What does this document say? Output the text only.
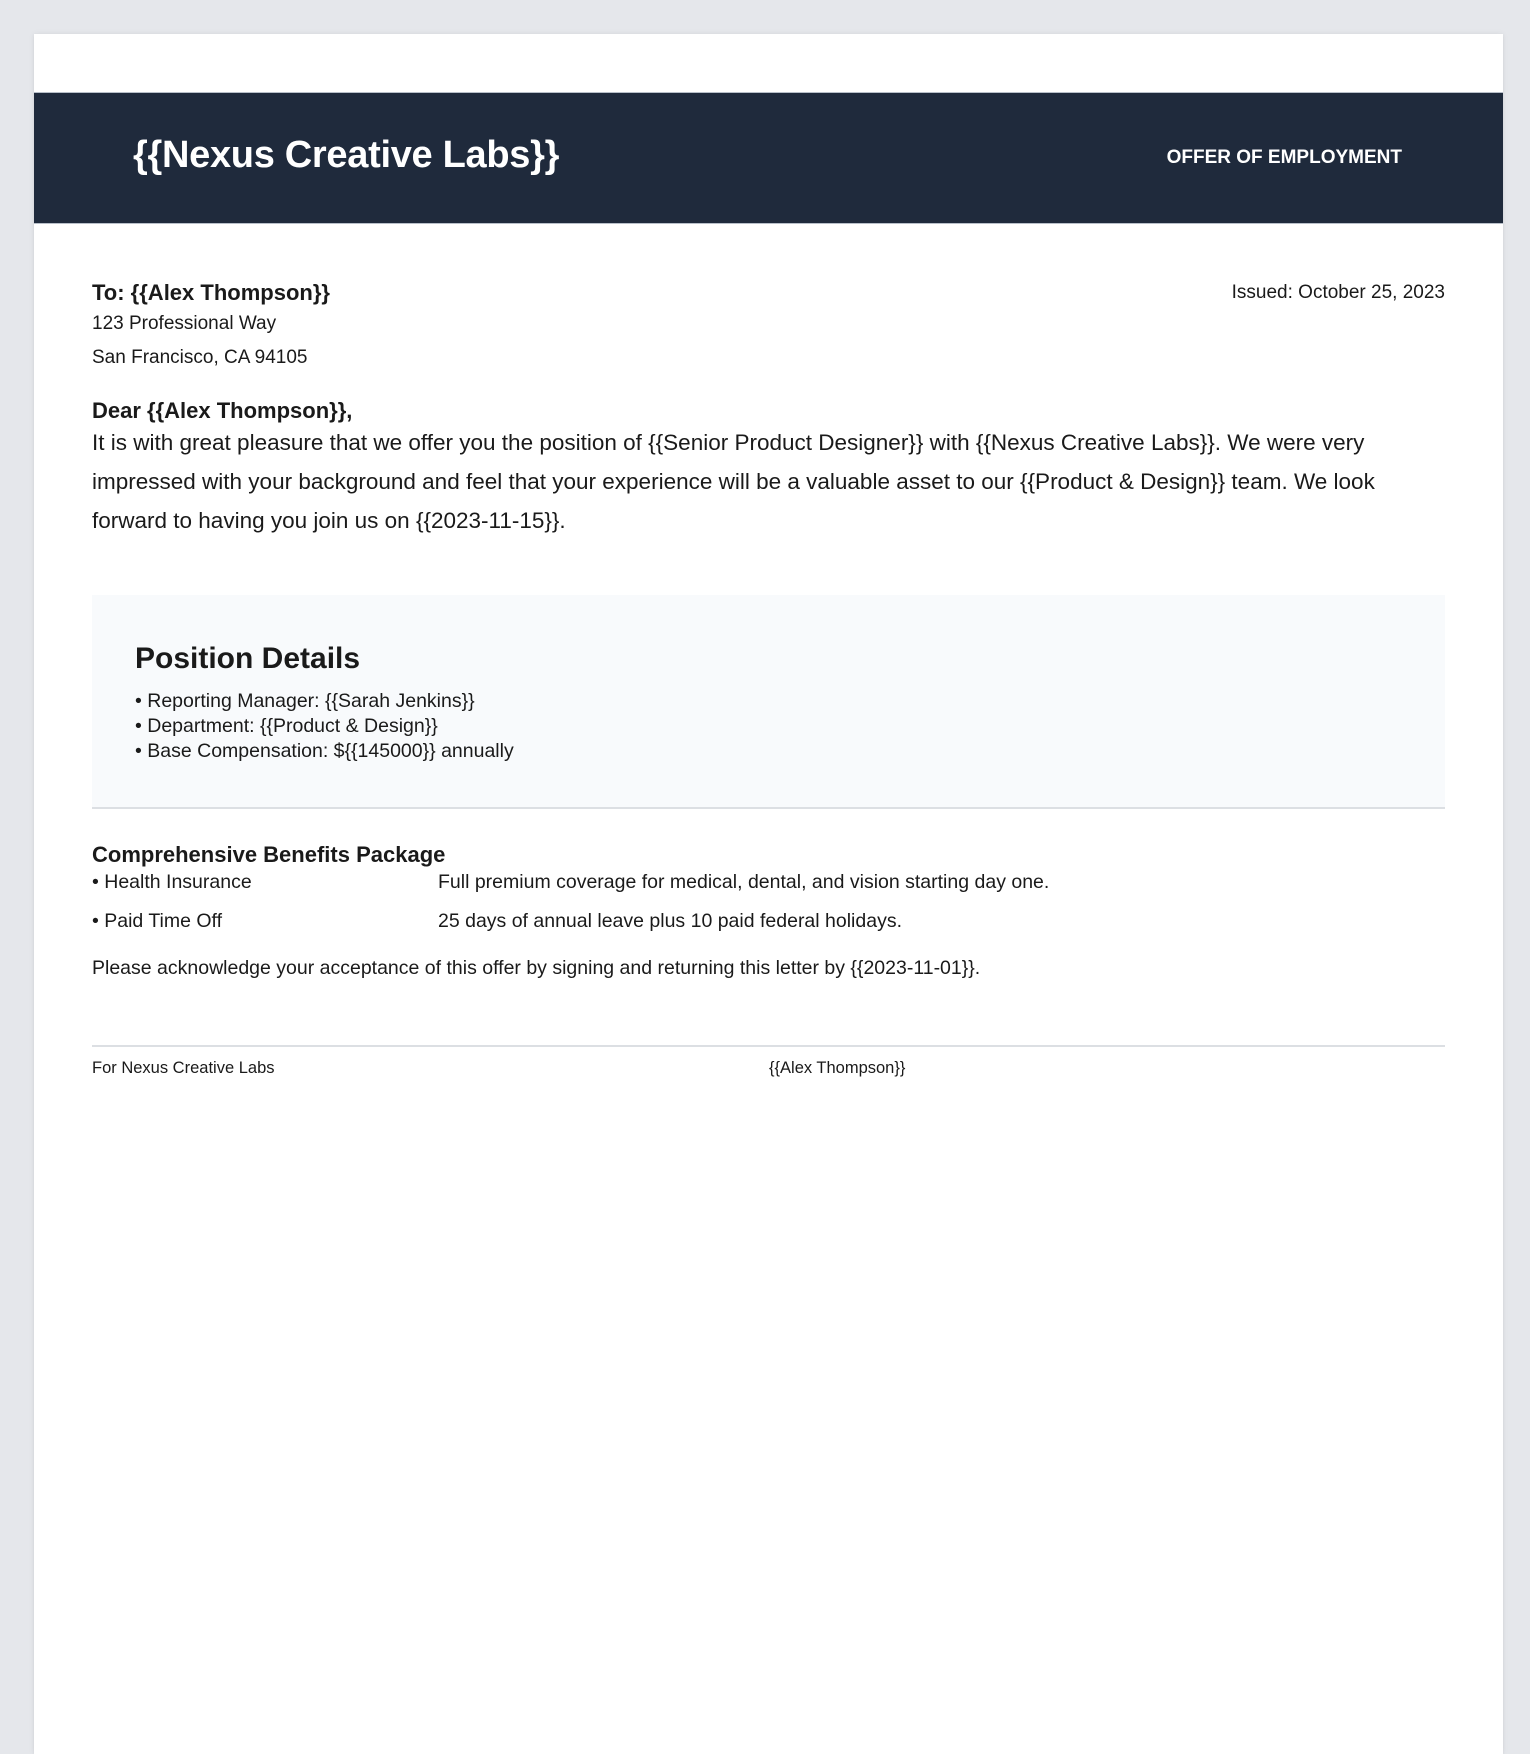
{{Nexus Creative Labs}}	OFFER OF EMPLOYMENT
To: {{Alex Thompson}}
123 Professional Way
San Francisco, CA 94105
Issued: October 25, 2023
Dear {{Alex Thompson}},

It is with great pleasure that we offer you the position of {{Senior Product Designer}} with {{Nexus Creative Labs}}. We were very impressed with your background and feel that your experience will be a valuable asset to our {{Product & Design}} team. We look forward to having you join us on {{2023-11-15}}.

Position Details
• Reporting Manager: {{Sarah Jenkins}}
• Department: {{Product & Design}}
• Base Compensation: ${{145000}} annually
Comprehensive Benefits Package
• Health Insurance	Full premium coverage for medical, dental, and vision starting day one.
• Paid Time Off	25 days of annual leave plus 10 paid federal holidays.
Please acknowledge your acceptance of this offer by signing and returning this letter by {{2023-11-01}}.
For Nexus Creative Labs	{{Alex Thompson}}
